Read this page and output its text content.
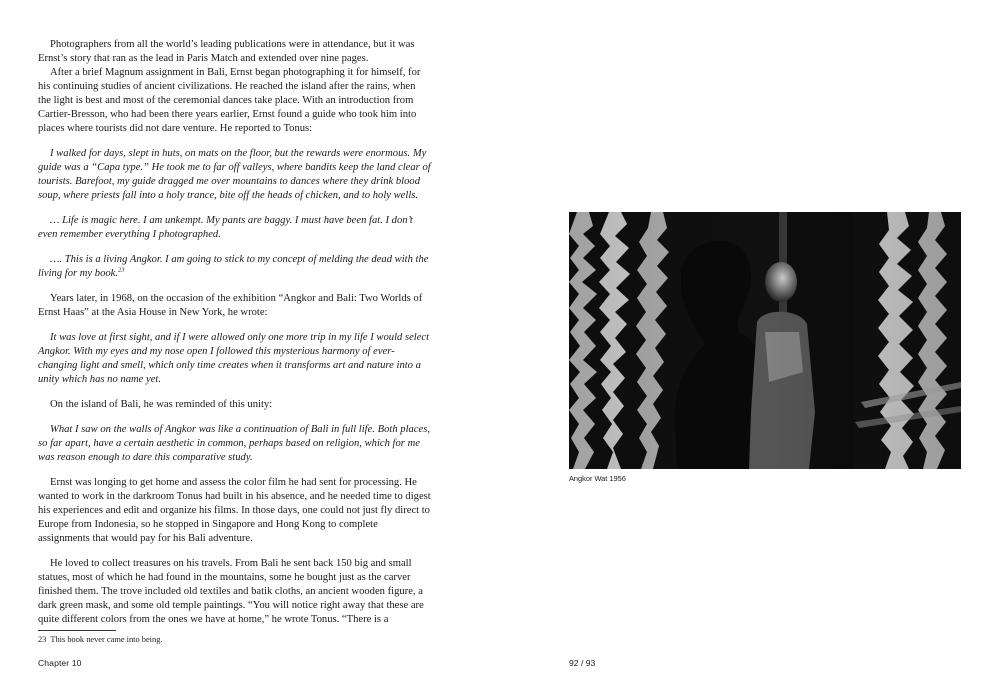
Photographers from all the world’s leading publications were in attendance, but it was Ernst’s story that ran as the lead in Paris Match and extended over nine pages.

After a brief Magnum assignment in Bali, Ernst began photographing it for himself, for his continuing studies of ancient civilizations. He reached the island after the rains, when the light is best and most of the ceremonial dances take place. With an introduction from Cartier-Bresson, who had been there years earlier, Ernst found a guide who took him into places where tourists did not dare venture. He reported to Tonus:

I walked for days, slept in huts, on mats on the floor, but the rewards were enormous. My guide was a “Capa type.” He took me to far off valleys, where bandits keep the land clear of tourists. Barefoot, my guide dragged me over mountains to dances where they drink blood soup, where priests fall into a holy trance, bite off the heads of chicken, and to holy wells.

… Life is magic here. I am unkempt. My pants are baggy. I must have been fat. I don’t even remember everything I photographed.

…. This is a living Angkor. I am going to stick to my concept of melding the dead with the living for my book.$^{23}$

Years later, in 1968, on the occasion of the exhibition “Angkor and Bali: Two Worlds of Ernst Haas” at the Asia House in New York, he wrote:

It was love at first sight, and if I were allowed only one more trip in my life I would select Angkor. With my eyes and my nose open I followed this mysterious harmony of ever-changing light and smell, which only time creates when it transforms art and nature into a unity which has no name yet.

On the island of Bali, he was reminded of this unity:

What I saw on the walls of Angkor was like a continuation of Bali in full life. Both places, so far apart, have a certain aesthetic in common, perhaps based on religion, which for me was reason enough to dare this comparative study.

Ernst was longing to get home and assess the color film he had sent for processing. He wanted to work in the darkroom Tonus had built in his absence, and he needed time to digest his experiences and edit and organize his films. In those days, one could not just fly direct to Europe from Indonesia, so he stopped in Singapore and Hong Kong to complete assignments that would pay for his Bali adventure.

He loved to collect treasures on his travels. From Bali he sent back 150 big and small statues, most of which he had found in the mountains, some he bought just as the carver finished them. The trove included old textiles and batik cloths, an ancient wooden figure, a dark green mask, and some old temple paintings. “You will notice right away that these are quite different colors from the ones we have at home,” he wrote Tonus. “There is a

23 This book never came into being.
Chapter 10	92 / 93
Angkor Wat 1956
